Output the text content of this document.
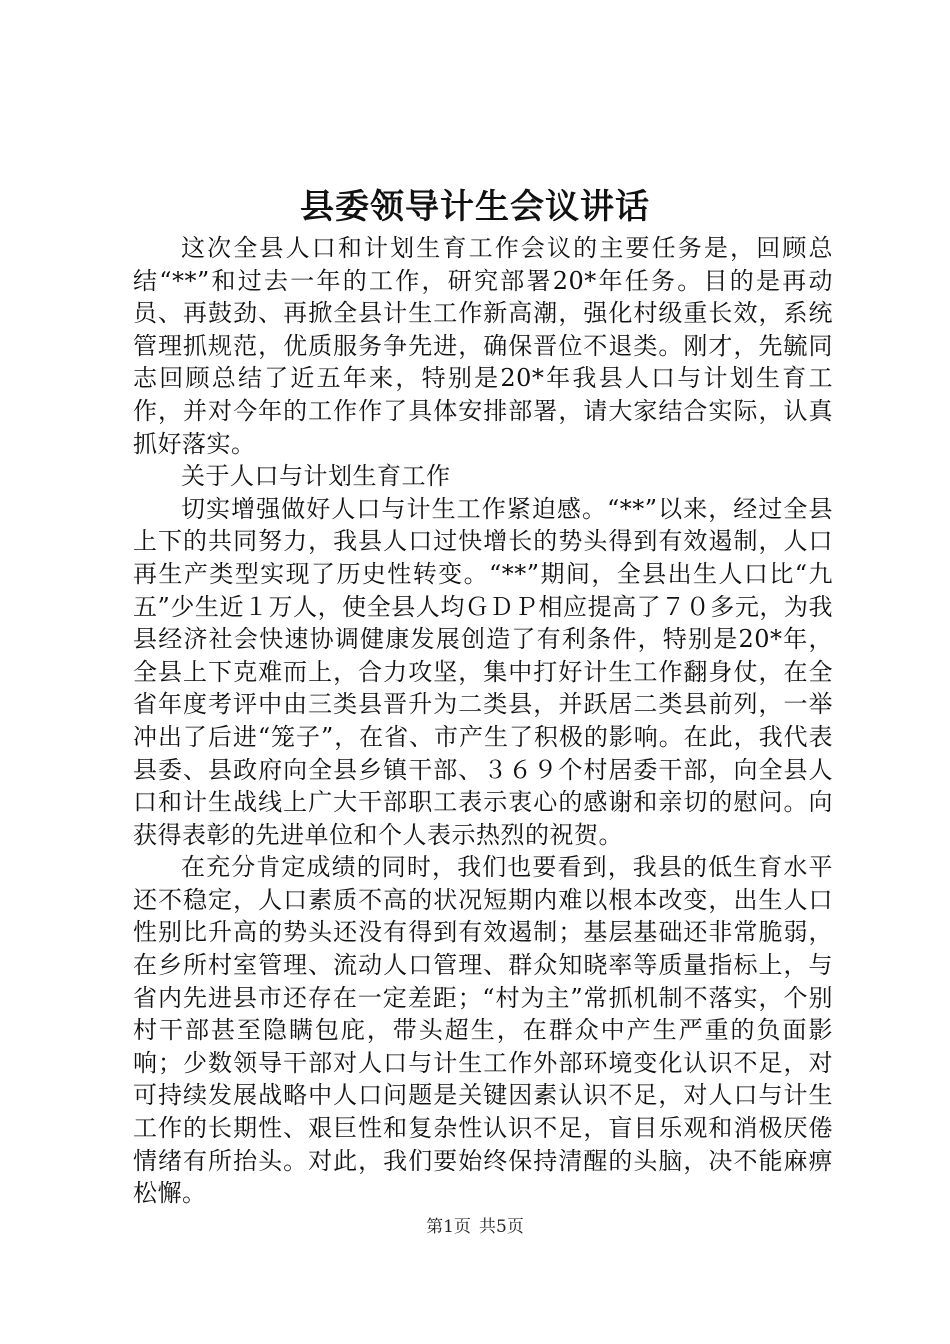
县委领导计生会议讲话

这次全县人口和计划生育工作会议的主要任务是，回顾总结“**”和过去一年的工作，研究部署20*年任务。目的是再动员、再鼓劲、再掀全县计生工作新高潮，强化村级重长效，系统管理抓规范，优质服务争先进，确保晋位不退类。刚才，先毓同志回顾总结了近五年来，特别是20*年我县人口与计划生育工作，并对今年的工作作了具体安排部署，请大家结合实际，认真抓好落实。

关于人口与计划生育工作

切实增强做好人口与计生工作紧迫感。“**”以来，经过全县上下的共同努力，我县人口过快增长的势头得到有效遏制，人口再生产类型实现了历史性转变。“**”期间，全县出生人口比“九五”少生近１万人，使全县人均ＧＤＰ相应提高了７０多元，为我县经济社会快速协调健康发展创造了有利条件，特别是20*年，全县上下克难而上，合力攻坚，集中打好计生工作翻身仗，在全省年度考评中由三类县晋升为二类县，并跃居二类县前列，一举冲出了后进“笼子”，在省、市产生了积极的影响。在此，我代表县委、县政府向全县乡镇干部、３６９个村居委干部，向全县人口和计生战线上广大干部职工表示衷心的感谢和亲切的慰问。向获得表彰的先进单位和个人表示热烈的祝贺。

在充分肯定成绩的同时，我们也要看到，我县的低生育水平还不稳定，人口素质不高的状况短期内难以根本改变，出生人口性别比升高的势头还没有得到有效遏制；基层基础还非常脆弱，在乡所村室管理、流动人口管理、群众知晓率等质量指标上，与省内先进县市还存在一定差距；“村为主”常抓机制不落实，个别村干部甚至隐瞒包庇，带头超生，在群众中产生严重的负面影响；少数领导干部对人口与计生工作外部环境变化认识不足，对可持续发展战略中人口问题是关键因素认识不足，对人口与计生工作的长期性、艰巨性和复杂性认识不足，盲目乐观和消极厌倦情绪有所抬头。对此，我们要始终保持清醒的头脑，决不能麻痹松懈。

第1页 共5页
